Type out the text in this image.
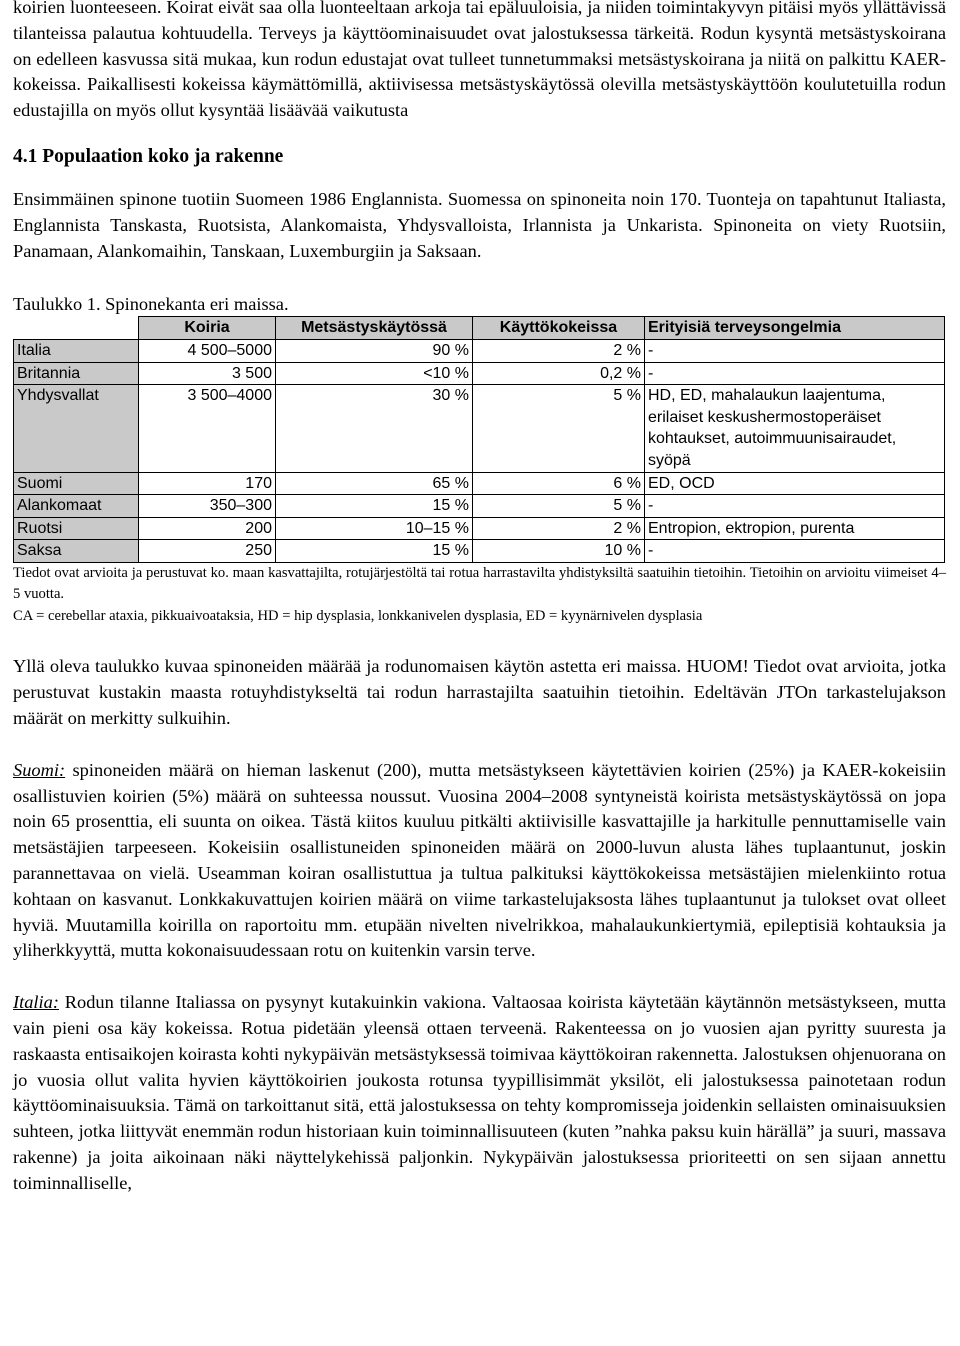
koirien luonteeseen. Koirat eivät saa olla luonteeltaan arkoja tai epäluuloisia, ja niiden toimintakyvyn pitäisi myös yllättävissä tilanteissa palautua kohtuudella. Terveys ja käyttöominaisuudet ovat jalostuksessa tärkeitä. Rodun kysyntä metsästyskoirana on edelleen kasvussa sitä mukaa, kun rodun edustajat ovat tulleet tunnetummaksi metsästyskoirana ja niitä on palkittu KAER-kokeissa. Paikallisesti kokeissa käymättömillä, aktiivisessa metsästyskäytössä olevilla metsästyskäyttöön koulutetuilla rodun edustajilla on myös ollut kysyntää lisäävää vaikutusta

4.1 Populaation koko ja rakenne

Ensimmäinen spinone tuotiin Suomeen 1986 Englannista. Suomessa on spinoneita noin 170. Tuonteja on tapahtunut Italiasta, Englannista Tanskasta, Ruotsista, Alankomaista, Yhdysvalloista, Irlannista ja Unkarista. Spinoneita on viety Ruotsiin, Panamaan, Alankomaihin, Tanskaan, Luxemburgiin ja Saksaan.

Taulukko 1. Spinonekanta eri maissa.

	Koiria	Metsästyskäytössä	Käyttökokeissa	Erityisiä terveysongelmia
Italia	4 500–5000	90 %	2 %	-
Britannia	3 500	<10 %	0,2 %	-
Yhdysvallat	3 500–4000	30 %	5 %	HD, ED, mahalaukun laajentuma, erilaiset keskushermostoperäiset kohtaukset, autoimmuunisairaudet, syöpä
Suomi	170	65 %	6 %	ED, OCD
Alankomaat	350–300	15 %	5 %	-
Ruotsi	200	10–15 %	2 %	Entropion, ektropion, purenta
Saksa	250	15 %	10 %	-

Tiedot ovat arvioita ja perustuvat ko. maan kasvattajilta, rotujärjestöltä tai rotua harrastavilta yhdistyksiltä saatuihin tietoihin. Tietoihin on arvioitu viimeiset 4–5 vuotta.

CA = cerebellar ataxia, pikkuaivoataksia, HD = hip dysplasia, lonkkanivelen dysplasia, ED = kyynärnivelen dysplasia

Yllä oleva taulukko kuvaa spinoneiden määrää ja rodunomaisen käytön astetta eri maissa. HUOM! Tiedot ovat arvioita, jotka perustuvat kustakin maasta rotuyhdistykseltä tai rodun harrastajilta saatuihin tietoihin. Edeltävän JTOn tarkastelujakson määrät on merkitty sulkuihin.

Suomi: spinoneiden määrä on hieman laskenut (200), mutta metsästykseen käytettävien koirien (25%) ja KAER-kokeisiin osallistuvien koirien (5%) määrä on suhteessa noussut. Vuosina 2004–2008 syntyneistä koirista metsästyskäytössä on jopa noin 65 prosenttia, eli suunta on oikea. Tästä kiitos kuuluu pitkälti aktiivisille kasvattajille ja harkitulle pennuttamiselle vain metsästäjien tarpeeseen. Kokeisiin osallistuneiden spinoneiden määrä on 2000-luvun alusta lähes tuplaantunut, joskin parannettavaa on vielä. Useamman koiran osallistuttua ja tultua palkituksi käyttökokeissa metsästäjien mielenkiinto rotua kohtaan on kasvanut. Lonkkakuvattujen koirien määrä on viime tarkastelujaksosta lähes tuplaantunut ja tulokset ovat olleet hyviä. Muutamilla koirilla on raportoitu mm. etupään nivelten nivelrikkoa, mahalaukunkiertymiä, epileptisiä kohtauksia ja yliherkkyyttä, mutta kokonaisuudessaan rotu on kuitenkin varsin terve.

Italia: Rodun tilanne Italiassa on pysynyt kutakuinkin vakiona. Valtaosaa koirista käytetään käytännön metsästykseen, mutta vain pieni osa käy kokeissa. Rotua pidetään yleensä ottaen terveenä. Rakenteessa on jo vuosien ajan pyritty suuresta ja raskaasta entisaikojen koirasta kohti nykypäivän metsästyksessä toimivaa käyttökoiran rakennetta. Jalostuksen ohjenuorana on jo vuosia ollut valita hyvien käyttökoirien joukosta rotunsa tyypillisimmät yksilöt, eli jalostuksessa painotetaan rodun käyttöominaisuuksia. Tämä on tarkoittanut sitä, että jalostuksessa on tehty kompromisseja joidenkin sellaisten ominaisuuksien suhteen, jotka liittyvät enemmän rodun historiaan kuin toiminnallisuuteen (kuten ”nahka paksu kuin härällä” ja suuri, massava rakenne) ja joita aikoinaan näki näyttelykehissä paljonkin. Nykypäivän jalostuksessa prioriteetti on sen sijaan annettu toiminnalliselle,
